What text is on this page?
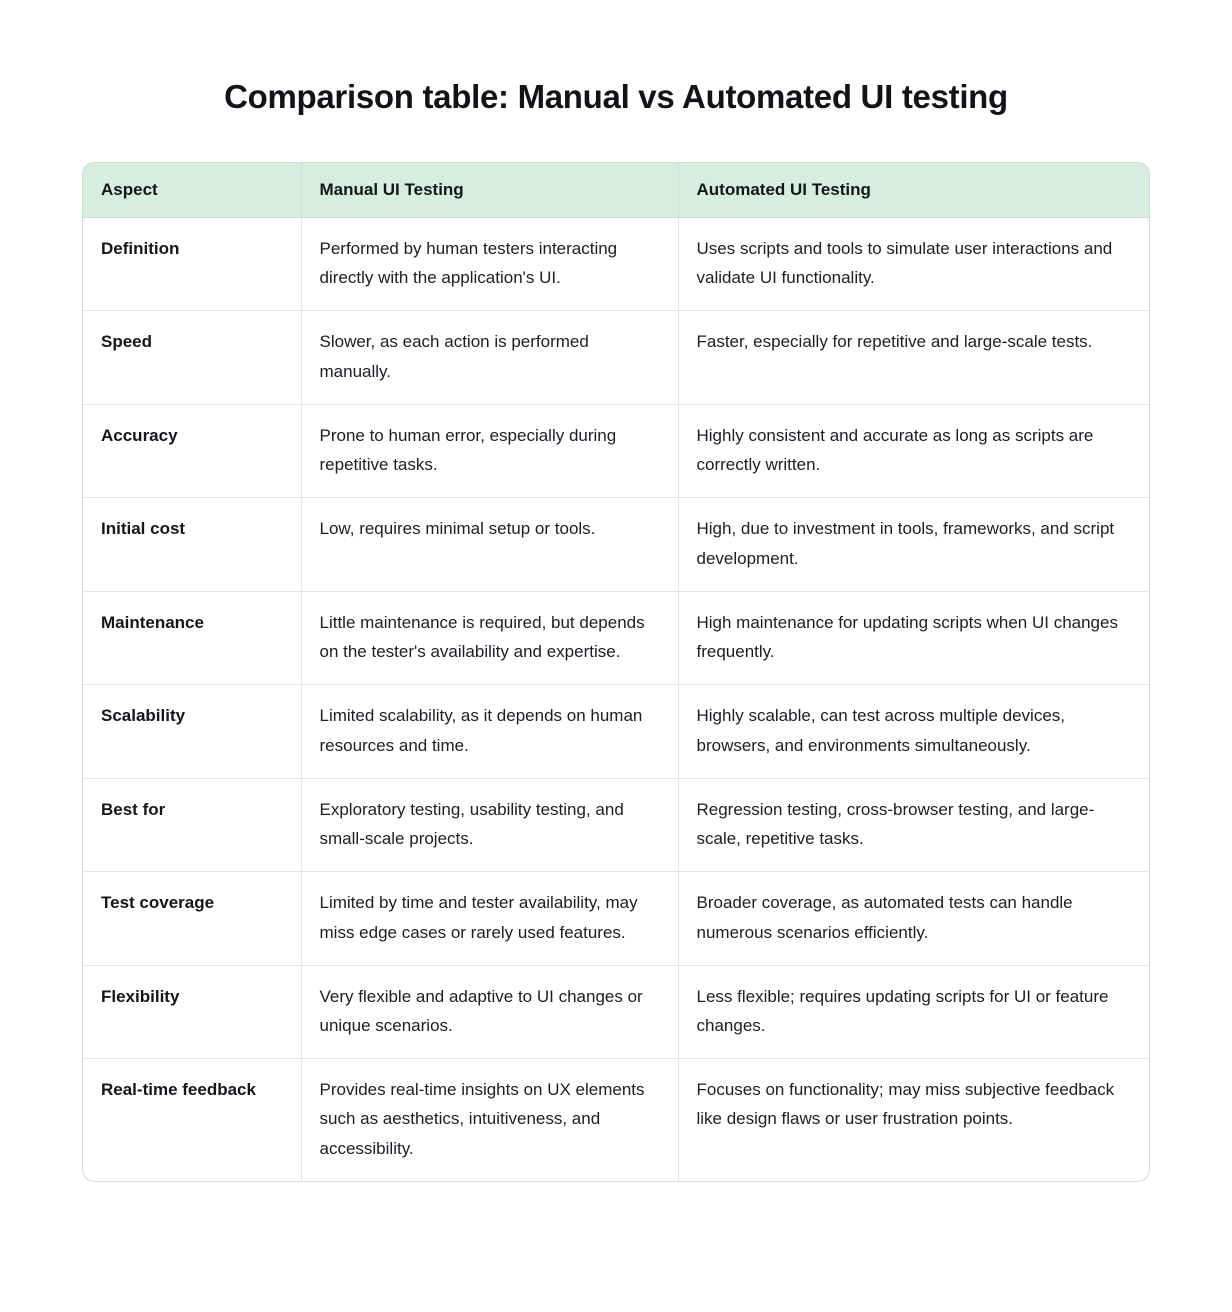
Comparison table: Manual vs Automated UI testing
Aspect	Manual UI Testing	Automated UI Testing
Definition	Performed by human testers interacting directly with the application's UI.	Uses scripts and tools to simulate user interactions and validate UI functionality.
Speed	Slower, as each action is performed manually.	Faster, especially for repetitive and large-scale tests.
Accuracy	Prone to human error, especially during repetitive tasks.	Highly consistent and accurate as long as scripts are correctly written.
Initial cost	Low, requires minimal setup or tools.	High, due to investment in tools, frameworks, and script development.
Maintenance	Little maintenance is required, but depends on the tester's availability and expertise.	High maintenance for updating scripts when UI changes frequently.
Scalability	Limited scalability, as it depends on human resources and time.	Highly scalable, can test across multiple devices, browsers, and environments simultaneously.
Best for	Exploratory testing, usability testing, and small-scale projects.	Regression testing, cross-browser testing, and large-scale, repetitive tasks.
Test coverage	Limited by time and tester availability, may miss edge cases or rarely used features.	Broader coverage, as automated tests can handle numerous scenarios efficiently.
Flexibility	Very flexible and adaptive to UI changes or unique scenarios.	Less flexible; requires updating scripts for UI or feature changes.
Real-time feedback	Provides real-time insights on UX elements such as aesthetics, intuitiveness, and accessibility.	Focuses on functionality; may miss subjective feedback like design flaws or user frustration points.
